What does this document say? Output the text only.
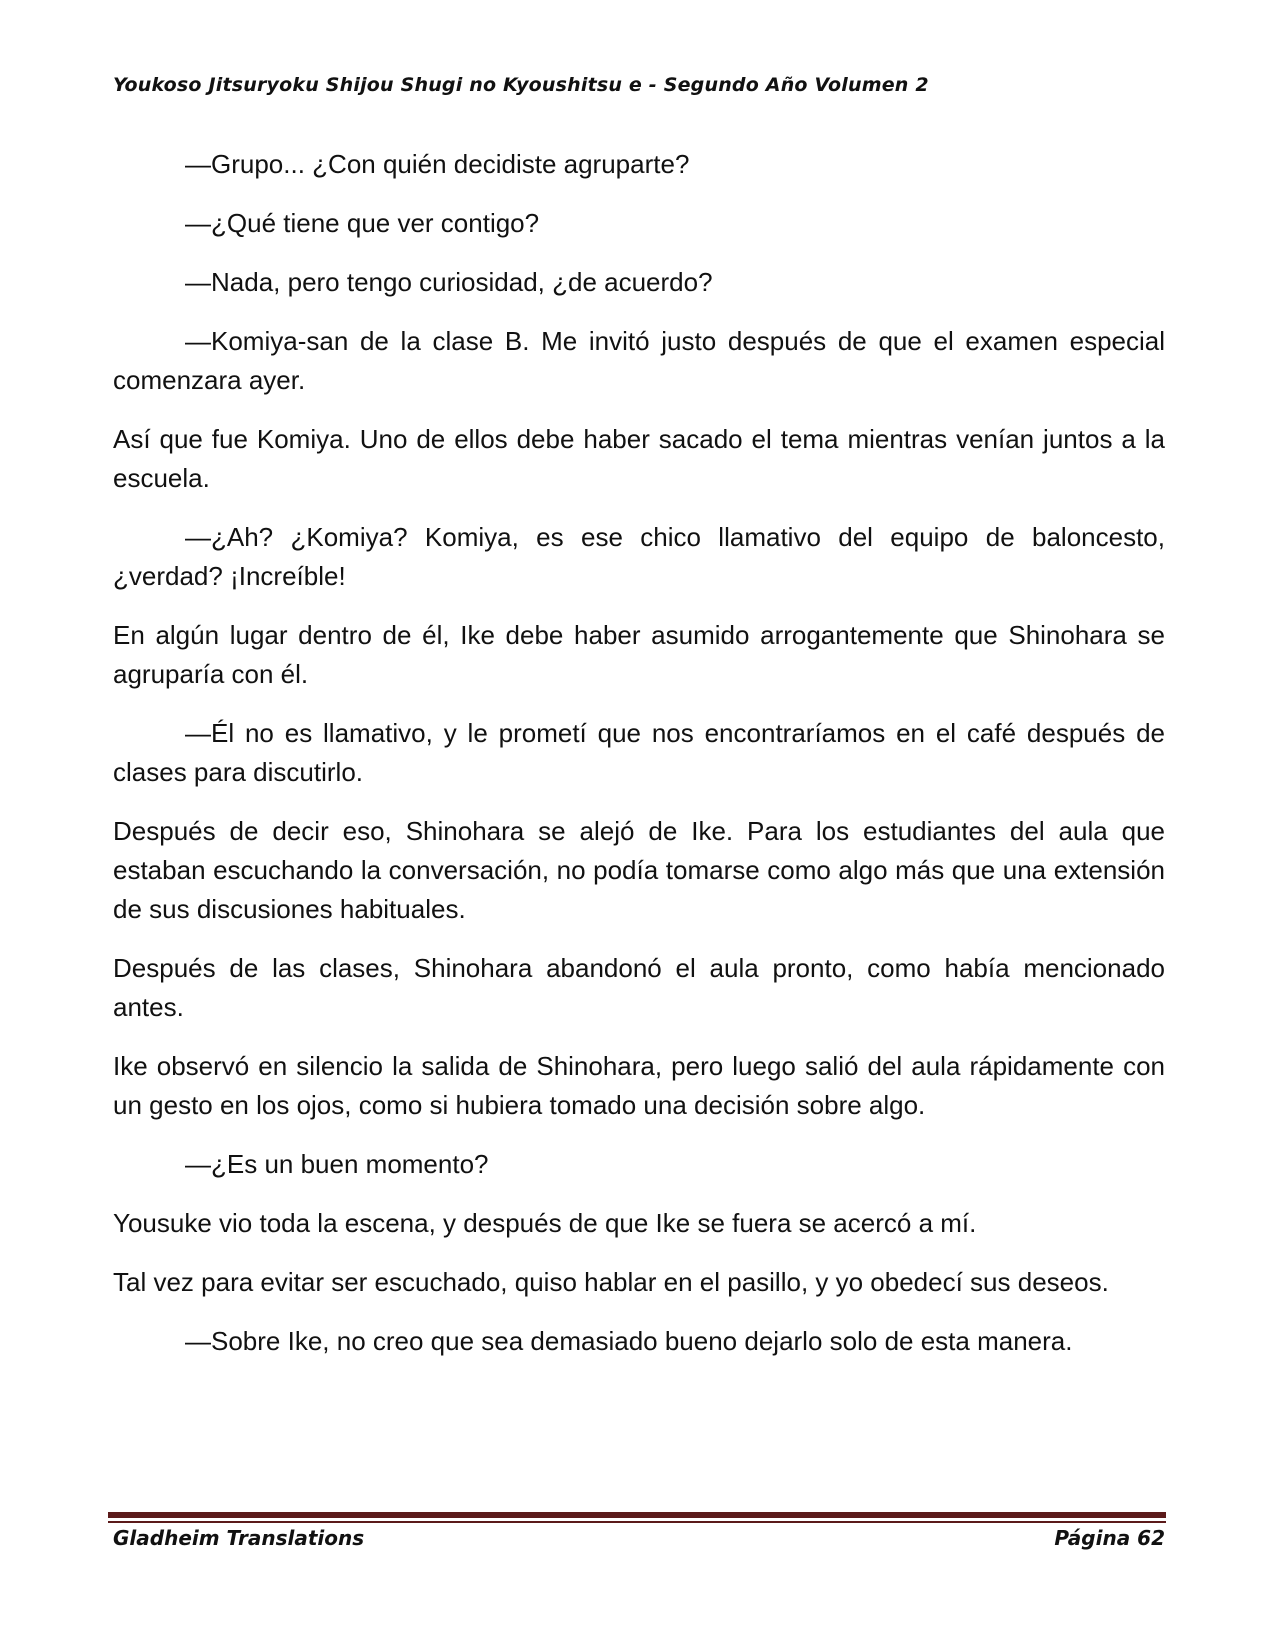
Youkoso Jitsuryoku Shijou Shugi no Kyoushitsu e - Segundo Año Volumen 2

—Grupo... ¿Con quién decidiste agruparte?

—¿Qué tiene que ver contigo?

—Nada, pero tengo curiosidad, ¿de acuerdo?

—Komiya-san de la clase B. Me invitó justo después de que el examen especial comenzara ayer.

Así que fue Komiya. Uno de ellos debe haber sacado el tema mientras venían juntos a la escuela.

—¿Ah? ¿Komiya? Komiya, es ese chico llamativo del equipo de baloncesto, ¿verdad? ¡Increíble!

En algún lugar dentro de él, Ike debe haber asumido arrogantemente que Shinohara se agruparía con él.

—Él no es llamativo, y le prometí que nos encontraríamos en el café después de clases para discutirlo.

Después de decir eso, Shinohara se alejó de Ike. Para los estudiantes del aula que estaban escuchando la conversación, no podía tomarse como algo más que una extensión de sus discusiones habituales.

Después de las clases, Shinohara abandonó el aula pronto, como había mencionado antes.

Ike observó en silencio la salida de Shinohara, pero luego salió del aula rápidamente con un gesto en los ojos, como si hubiera tomado una decisión sobre algo.

—¿Es un buen momento?

Yousuke vio toda la escena, y después de que Ike se fuera se acercó a mí.

Tal vez para evitar ser escuchado, quiso hablar en el pasillo, y yo obedecí sus deseos.

—Sobre Ike, no creo que sea demasiado bueno dejarlo solo de esta manera.

Gladheim Translations	Página 62
